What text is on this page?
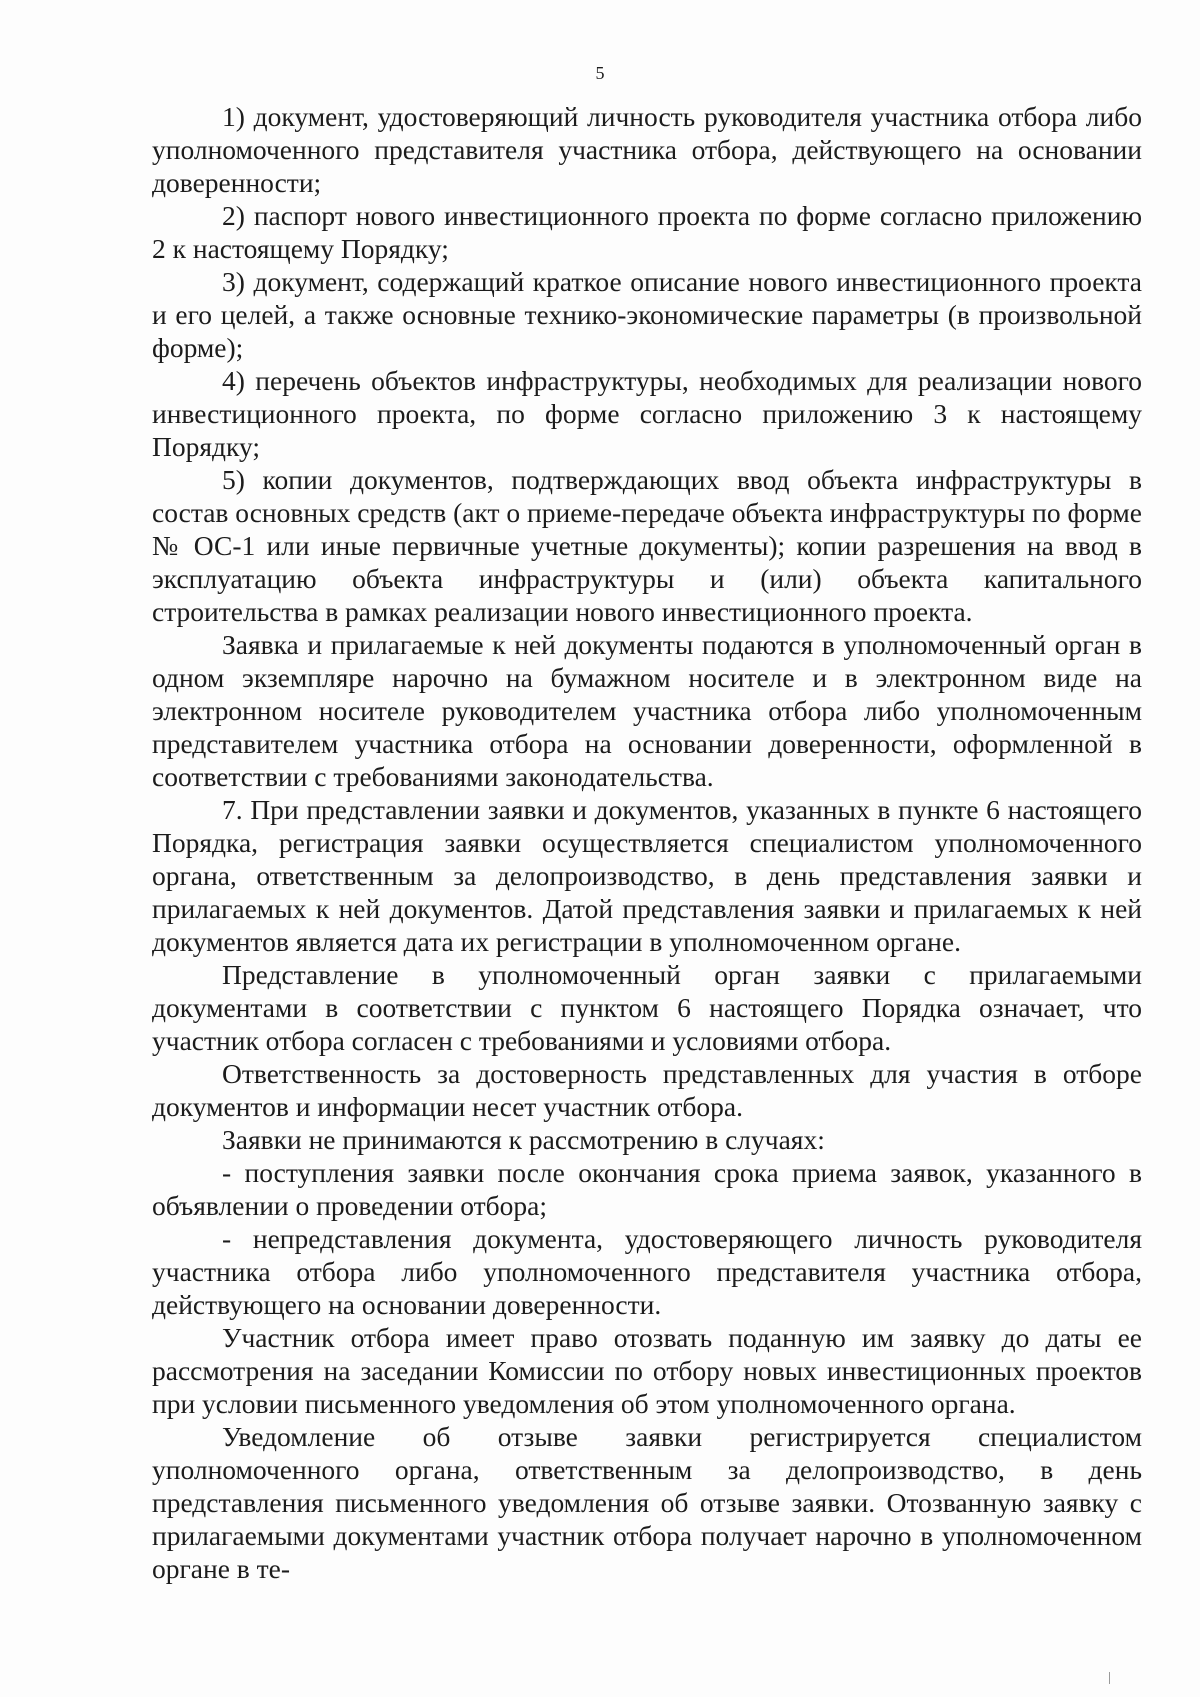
5

1) документ, удостоверяющий личность руководителя участника отбора либо уполномоченного представителя участника отбора, действующего на основании доверенности;

2) паспорт нового инвестиционного проекта по форме согласно приложению 2 к настоящему Порядку;

3) документ, содержащий краткое описание нового инвестиционного проекта и его целей, а также основные технико-экономические параметры (в произвольной форме);

4) перечень объектов инфраструктуры, необходимых для реализации нового инвестиционного проекта, по форме согласно приложению 3 к настоящему Порядку;

5) копии документов, подтверждающих ввод объекта инфраструктуры в состав основных средств (акт о приеме-передаче объекта инфраструктуры по форме № ОС-1 или иные первичные учетные документы); копии разрешения на ввод в эксплуатацию объекта инфраструктуры и (или) объекта капитального строительства в рамках реализации нового инвестиционного проекта.

Заявка и прилагаемые к ней документы подаются в уполномоченный орган в одном экземпляре нарочно на бумажном носителе и в электронном виде на электронном носителе руководителем участника отбора либо уполномоченным представителем участника отбора на основании доверенности, оформленной в соответствии с требованиями законодательства.

7. При представлении заявки и документов, указанных в пункте 6 настоящего Порядка, регистрация заявки осуществляется специалистом уполномоченного органа, ответственным за делопроизводство, в день представления заявки и прилагаемых к ней документов. Датой представления заявки и прилагаемых к ней документов является дата их регистрации в уполномоченном органе.

Представление в уполномоченный орган заявки с прилагаемыми документами в соответствии с пунктом 6 настоящего Порядка означает, что участник отбора согласен с требованиями и условиями отбора.

Ответственность за достоверность представленных для участия в отборе документов и информации несет участник отбора.

Заявки не принимаются к рассмотрению в случаях:

- поступления заявки после окончания срока приема заявок, указанного в объявлении о проведении отбора;

- непредставления документа, удостоверяющего личность руководителя участника отбора либо уполномоченного представителя участника отбора, действующего на основании доверенности.

Участник отбора имеет право отозвать поданную им заявку до даты ее рассмотрения на заседании Комиссии по отбору новых инвестиционных проектов при условии письменного уведомления об этом уполномоченного органа.

Уведомление об отзыве заявки регистрируется специалистом уполномоченного органа, ответственным за делопроизводство, в день представления письменного уведомления об отзыве заявки. Отозванную заявку с прилагаемыми документами участник отбора получает нарочно в уполномоченном органе в те-
